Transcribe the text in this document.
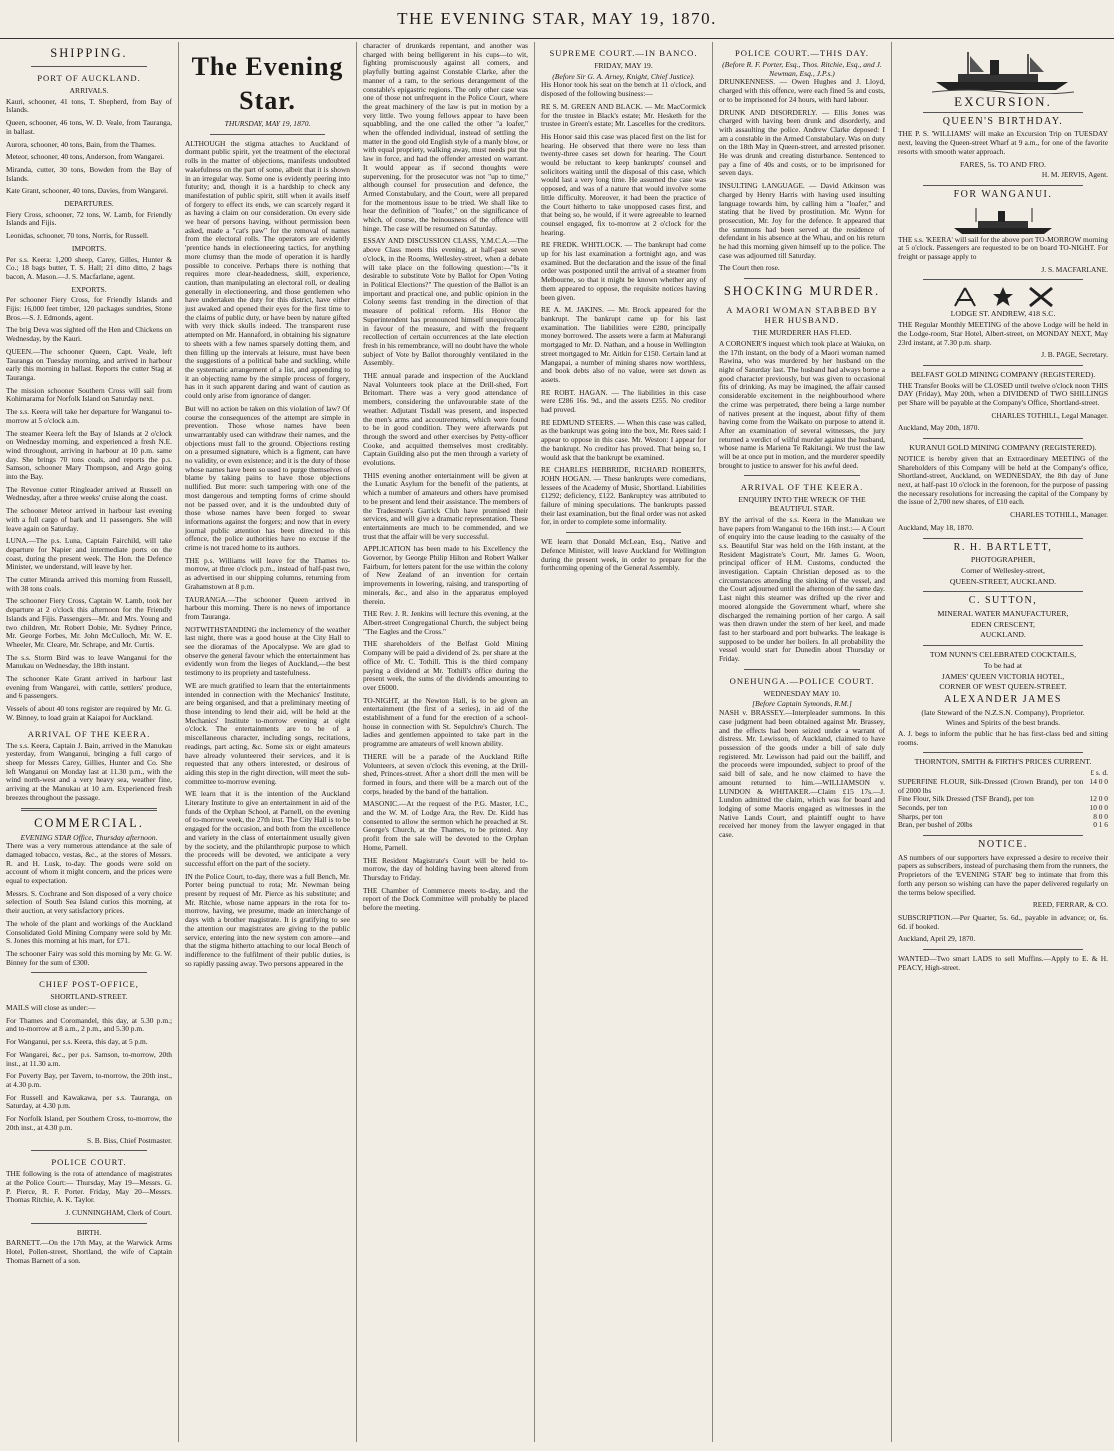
THE EVENING STAR, MAY 19, 1870.
SHIPPING.
PORT OF AUCKLAND.
ARRIVALS.

Kauri, schooner, 41 tons, T. Shepherd, from Bay of Islands.

Queen, schooner, 46 tons, W. D. Veale, from Tauranga, in ballast.

Aurora, schooner, 40 tons, Bain, from the Thames.

Meteor, schooner, 40 tons, Anderson, from Wangarei.

Miranda, cutter, 30 tons, Bowden from the Bay of Islands.

Kate Grant, schooner, 40 tons, Davies, from Wangarei.

DEPARTURES.

Fiery Cross, schooner, 72 tons, W. Lamb, for Friendly Islands and Fijis.

Leonidas, schooner, 70 tons, Norris, for Russell.

IMPORTS.

Per s.s. Keera: 1,200 sheep, Carey, Gilles, Hunter & Co.; 18 bags butter, T. S. Hall; 21 ditto ditto, 2 bags bacon, A. Mason.—J. S. Macfarlane, agent.

EXPORTS.

Per schooner Fiery Cross, for Friendly Islands and Fijis: 16,000 feet timber, 120 packages sundries, Stone Bros.—S. J. Edmonds, agent.

The brig Deva was sighted off the Hen and Chickens on Wednesday, by the Kauri.

QUEEN.—The schooner Queen, Capt. Veale, left Tauranga on Tuesday morning, and arrived in harbour early this morning in ballast. Reports the cutter Stag at Tauranga.

The mission schooner Southern Cross will sail from Kohimarama for Norfolk Island on Saturday next.

The s.s. Keera will take her departure for Wanganui to-morrow at 5 o'clock a.m.

The steamer Keera left the Bay of Islands at 2 o'clock on Wednesday morning, and experienced a fresh N.E. wind throughout, arriving in harbour at 10 p.m. same day. She brings 70 tons coals, and reports the p.s. Samson, schooner Mary Thompson, and Argo going into the Bay.

The Revenue cutter Ringleader arrived at Russell on Wednesday, after a three weeks' cruise along the coast.

The schooner Meteor arrived in harbour last evening with a full cargo of bark and 11 passengers. She will leave again on Saturday.

LUNA.—The p.s. Luna, Captain Fairchild, will take departure for Napier and intermediate ports on the coast, during the present week. The Hon. the Defence Minister, we understand, will leave by her.

The cutter Miranda arrived this morning from Russell, with 38 tons coals.

The schooner Fiery Cross, Captain W. Lamb, took her departure at 2 o'clock this afternoon for the Friendly Islands and Fijis. Passengers—Mr. and Mrs. Young and two children, Mr. Robert Dobie, Mr. Sydney Prince, Mr. George Forbes, Mr. John McCulloch, Mr. W. E. Wheeler, Mr. Cleare, Mr. Schrape, and Mr. Curtis.

The s.s. Storm Bird was to leave Wanganui for the Manukau on Wednesday, the 18th instant.

The schooner Kate Grant arrived in harbour last evening from Wangarei, with cattle, settlers' produce, and 6 passengers.

Vessels of about 40 tons register are required by Mr. G. W. Binney, to load grain at Kaiapoi for Auckland.

ARRIVAL OF THE KEERA.

The s.s. Keera, Captain J. Bain, arrived in the Manukau yesterday, from Wanganui, bringing a full cargo of sheep for Messrs Carey, Gillies, Hunter and Co. She left Wanganui on Monday last at 11.30 p.m., with the wind north-west and a very heavy sea, weather fine, arriving at the Manukau at 10 a.m. Experienced fresh breezes throughout the passage.

COMMERCIAL.
EVENING STAR Office, Thursday afternoon.

There was a very numerous attendance at the sale of damaged tobacco, vestas, &c., at the stores of Messrs. R. and H. Lusk, to-day. The goods were sold on account of whom it might concern, and the prices were equal to expectation.

Messrs. S. Cochrane and Son disposed of a very choice selection of South Sea Island curios this morning, at their auction, at very satisfactory prices.

The whole of the plant and workings of the Auckland Consolidated Gold Mining Company were sold by Mr. S. Jones this morning at his mart, for £71.

The schooner Fairy was sold this morning by Mr. G. W. Binney for the sum of £300.

CHIEF POST-OFFICE,
SHORTLAND-STREET.

MAILS will close as under:—

For Thames and Coromandel, this day, at 5.30 p.m.; and to-morrow at 8 a.m., 2 p.m., and 5.30 p.m.

For Wanganui, per s.s. Keera, this day, at 5 p.m.

For Wangarei, &c., per p.s. Samson, to-morrow, 20th inst., at 11.30 a.m.

For Poverty Bay, per Tavern, to-morrow, the 20th inst., at 4.30 p.m.

For Russell and Kawakawa, per s.s. Tauranga, on Saturday, at 4.30 p.m.

For Norfolk Island, per Southern Cross, to-morrow, the 20th inst., at 4.30 p.m.

S. B. Biss, Chief Postmaster.

POLICE COURT.

THE following is the rota of attendance of magistrates at the Police Court:— Thursday, May 19—Messrs. G. P. Pierce, R. F. Porter. Friday, May 20—Messrs. Thomas Ritchie, A. K. Taylor.

J. CUNNINGHAM, Clerk of Court.

BIRTH.

BARNETT.—On the 17th May, at the Warwick Arms Hotel, Pollen-street, Shortland, the wife of Captain Thomas Barnett of a son.

The Evening Star.
THURSDAY, MAY 19, 1870.

ALTHOUGH the stigma attaches to Auckland of dormant public spirit, yet the treatment of the electoral rolls in the matter of objections, manifests undoubted wakefulness on the part of some, albeit that it is shown in an irregular way. Some one is evidently peering into futurity; and, though it is a hardship to check any manifestation of public spirit, still when it avails itself of forgery to effect its ends, we can scarcely regard it as having a claim on our consideration. On every side we hear of persons having, without permission been asked, made a "cat's paw" for the removal of names from the electoral rolls. The operators are evidently 'prentice hands in electioneering tactics, for anything more clumsy than the mode of operation it is hardly possible to conceive. Perhaps there is nothing that requires more clear-headedness, skill, experience, caution, than manipulating an electoral roll, or dealing generally in electioneering, and those gentlemen who have undertaken the duty for this district, have either just awaked and opened their eyes for the first time to the claims of public duty, or have been by nature gifted with very thick skulls indeed. The transparent ruse attempted on Mr. Hannaford, in obtaining his signature to sheets with a few names sparsely dotting them, and then filling up the intervals at leisure, must have been the suggestions of a political babe and suckling, while the systematic arrangement of a list, and appending to it an objecting name by the simple process of forgery, has in it such apparent daring and want of caution as could only arise from ignorance of danger.

But will no action be taken on this violation of law? Of course the consequences of the attempt are simple in prevention. Those whose names have been unwarrantably used can withdraw their names, and the objections must fall to the ground. Objections resting on a presumed signature, which is a figment, can have no validity, or even existence; and it is the duty of those whose names have been so used to purge themselves of blame by taking pains to have those objections nullified. But more: such tampering with one of the most dangerous and tempting forms of crime should not be passed over, and it is the undoubted duty of those whose names have been forged to swear informations against the forgers; and now that in every journal public attention has been directed to this offence, the police authorities have no excuse if the crime is not traced home to its authors.

THE p.s. Williams will leave for the Thames to-morrow, at three o'clock p.m., instead of half-past two, as advertised in our shipping columns, returning from Grahamstown at 8 p.m.

TAURANGA.—The schooner Queen arrived in harbour this morning. There is no news of importance from Tauranga.

NOTWITHSTANDING the inclemency of the weather last night, there was a good house at the City Hall to see the dioramas of the Apocalypse. We are glad to observe the general favour which the entertainment has evidently won from the lieges of Auckland,—the best testimony to its propriety and tastefulness.

WE are much gratified to learn that the entertainments intended in connection with the Mechanics' Institute, are being organised, and that a preliminary meeting of those intending to lend their aid, will be held at the Mechanics' Institute to-morrow evening at eight o'clock. The entertainments are to be of a miscellaneous character, including songs, recitations, readings, part acting, &c. Some six or eight amateurs have already volunteered their services, and it is requested that any others interested, or desirous of aiding this step in the right direction, will meet the sub-committee to-morrow evening.

WE learn that it is the intention of the Auckland Literary Institute to give an entertainment in aid of the funds of the Orphan School, at Parnell, on the evening of to-morrow week, the 27th inst. The City Hall is to be engaged for the occasion, and both from the excellence and variety in the class of entertainment usually given by the society, and the philanthropic purpose to which the proceeds will be devoted, we anticipate a very successful effort on the part of the society.

IN the Police Court, to-day, there was a full Bench, Mr. Porter being punctual to rota; Mr. Newman being present by request of Mr. Pierce as his substitute; and Mr. Ritchie, whose name appears in the rota for to-morrow, having, we presume, made an interchange of days with a brother magistrate. It is gratifying to see the attention our magistrates are giving to the public service, entering into the new system con amore—and that the stigma hitherto attaching to our local Bench of indifference to the fulfilment of their public duties, is so rapidly passing away. Two persons appeared in the

character of drunkards repentant, and another was charged with being belligerent in his cups—to wit, fighting promiscuously against all comers, and playfully butting against Constable Clarke, after the manner of a ram, to the serious derangement of the constable's epigastric regions. The only other case was one of those not unfrequent in the Police Court, where the great machinery of the law is put in motion by a very little. Two young fellows appear to have been squabbling, and the one called the other "a loafer," when the offended individual, instead of settling the matter in the good old English style of a manly blow, or with equal propriety, walking away, must needs put the law in force, and had the offender arrested on warrant. It would appear as if second thoughts were supervening, for the prosecutor was not "up to time," although counsel for prosecution and defence, the Armed Constabulary, and the Court, were all prepared for the momentous issue to be tried. We shall like to hear the definition of "loafer," on the significance of which, of course, the heinousness of the offence will hinge. The case will be resumed on Saturday.

ESSAY AND DISCUSSION CLASS, Y.M.C.A.—The above Class meets this evening, at half-past seven o'clock, in the Rooms, Wellesley-street, when a debate will take place on the following question:—"Is it desirable to substitute Vote by Ballot for Open Voting in Political Elections?" The question of the Ballot is an important and practical one, and public opinion in the Colony seems fast trending in the direction of that measure of political reform. His Honor the Superintendent has pronounced himself unequivocally in favour of the measure, and with the frequent recollection of certain occurrences at the late election fresh in his remembrance, will no doubt have the whole subject of Vote by Ballot thoroughly ventilated in the Assembly.

THE annual parade and inspection of the Auckland Naval Volunteers took place at the Drill-shed, Fort Britomart. There was a very good attendance of members, considering the unfavourable state of the weather. Adjutant Tisdall was present, and inspected the men's arms and accoutrements, which were found to be in good condition. They were afterwards put through the sword and other exercises by Petty-officer Cooke, and acquitted themselves most creditably. Captain Guilding also put the men through a variety of evolutions.

THIS evening another entertainment will be given at the Lunatic Asylum for the benefit of the patients, at which a number of amateurs and others have promised to be present and lend their assistance. The members of the Tradesmen's Garrick Club have promised their services, and will give a dramatic representation. These entertainments are much to be commended, and we trust that the affair will be very successful.

APPLICATION has been made to his Excellency the Governor, by George Philip Hilton and Robert Walker Fairburn, for letters patent for the use within the colony of New Zealand of an invention for certain improvements in lowering, raising, and transporting of minerals, &c., and also in the apparatus employed therein.

THE Rev. J. R. Jenkins will lecture this evening, at the Albert-street Congregational Church, the subject being "The Eagles and the Cross."

THE shareholders of the Belfast Gold Mining Company will be paid a dividend of 2s. per share at the office of Mr. C. Tothill. This is the third company paying a dividend at Mr. Tothill's office during the present week, the sums of the dividends amounting to over £6000.

TO-NIGHT, at the Newton Hall, is to be given an entertainment (the first of a series), in aid of the establishment of a fund for the erection of a school-house in connection with St. Sepulchre's Church. The ladies and gentlemen appointed to take part in the programme are amateurs of well known ability.

THERE will be a parade of the Auckland Rifle Volunteers, at seven o'clock this evening, at the Drill-shed, Princes-street. After a short drill the men will be formed in fours, and there will be a march out of the corps, headed by the band of the battalion.

MASONIC.—At the request of the P.G. Master, I.C., and the W. M. of Lodge Ara, the Rev. Dr. Kidd has consented to allow the sermon which he preached at St. George's Church, at the Thames, to be printed. Any profit from the sale will be devoted to the Orphan Home, Parnell.

THE Resident Magistrate's Court will be held to-morrow, the day of holding having been altered from Thursday to Friday.

THE Chamber of Commerce meets to-day, and the report of the Dock Committee will probably be placed before the meeting.

SUPREME COURT.—IN BANCO.
FRIDAY, MAY 19.
(Before Sir G. A. Arney, Knight, Chief Justice).

His Honor took his seat on the bench at 11 o'clock, and disposed of the following business:—

RE S. M. GREEN AND BLACK. — Mr. MacCormick for the trustee in Black's estate; Mr. Hesketh for the trustee in Green's estate; Mr. Lascelles for the creditors.

His Honor said this case was placed first on the list for hearing. He observed that there were no less than twenty-three cases set down for hearing. The Court would be reluctant to keep bankrupts' counsel and solicitors waiting until the disposal of this case, which would last a very long time. He assumed the case was opposed, and was of a nature that would involve some little difficulty. Moreover, it had been the practice of the Court hitherto to take unopposed cases first, and that being so, he would, if it were agreeable to learned counsel engaged, fix to-morrow at 2 o'clock for the hearing.

RE FREDK. WHITLOCK. — The bankrupt had come up for his last examination a fortnight ago, and was examined. But the declaration and the issue of the final order was postponed until the arrival of a steamer from Melbourne, so that it might be known whether any of them appeared to oppose, the requisite notices having been given.

RE A. M. JAKINS. — Mr. Brock appeared for the bankrupt. The bankrupt came up for his last examination. The liabilities were £280, principally money borrowed. The assets were a farm at Mahurangi mortgaged to Mr. D. Nathan, and a house in Wellington street mortgaged to Mr. Aitkin for £150. Certain land at Mangapai, a number of mining shares now worthless, and book debts also of no value, were set down as assets.

RE ROBT. HAGAN. — The liabilities in this case were £286 16s. 9d., and the assets £255. No creditor had proved.

RE EDMUND STEERS. — When this case was called, as the bankrupt was going into the box, Mr. Rees said: I appear to oppose in this case. Mr. Weston: I appear for the bankrupt. No creditor has proved. That being so, I would ask that the bankrupt be examined.

RE CHARLES HEBBRIDE, RICHARD ROBERTS, JOHN HOGAN. — These bankrupts were comedians, lessees of the Academy of Music, Shortland. Liabilities £1292; deficiency, £122. Bankruptcy was attributed to failure of mining speculations. The bankrupts passed their last examination, but the final order was not asked for, in order to complete some informality.

WE learn that Donald McLean, Esq., Native and Defence Minister, will leave Auckland for Wellington during the present week, in order to prepare for the forthcoming opening of the General Assembly.

POLICE COURT.—THIS DAY.
(Before R. F. Porter, Esq., Thos. Ritchie, Esq., and J. Newman, Esq., J.P.s.)

DRUNKENNESS. — Owen Hughes and J. Lloyd, charged with this offence, were each fined 5s and costs, or to be imprisoned for 24 hours, with hard labour.

DRUNK AND DISORDERLY. — Ellis Jones was charged with having been drunk and disorderly, and with assaulting the police. Andrew Clarke deposed: I am a constable in the Armed Constabulary. Was on duty on the 18th May in Queen-street, and arrested prisoner. He was drunk and creating disturbance. Sentenced to pay a fine of 40s and costs, or to be imprisoned for seven days.

INSULTING LANGUAGE. — David Atkinson was charged by Henry Harris with having used insulting language towards him, by calling him a "loafer," and stating that he lived by prostitution. Mr. Wynn for prosecution, Mr. Joy for the defence. It appeared that the summons had been served at the residence of defendant in his absence at the Whau, and on his return he had this morning given himself up to the police. The case was adjourned till Saturday.

The Court then rose.

SHOCKING MURDER.
A MAORI WOMAN STABBED BY HER HUSBAND.
THE MURDERER HAS FLED.

A CORONER'S inquest which took place at Waiuku, on the 17th instant, on the body of a Maori woman named Rawina, who was murdered by her husband on the night of Saturday last. The husband had always borne a good character previously, but was given to occasional fits of drinking. As may be imagined, the affair caused considerable excitement in the neighbourhood where the crime was perpetrated, there being a large number of natives present at the inquest, about fifty of them having come from the Waikato on purpose to attend it. After an examination of several witnesses, the jury returned a verdict of wilful murder against the husband, whose name is Mariena Te Rakitangi. We trust the law will be at once put in motion, and the murderer speedily brought to justice to answer for his awful deed.

ARRIVAL OF THE KEERA.
ENQUIRY INTO THE WRECK OF THE BEAUTIFUL STAR.

BY the arrival of the s.s. Keera in the Manukau we have papers from Wanganui to the 16th inst.:— A Court of enquiry into the cause leading to the casualty of the s.s. Beautiful Star was held on the 16th instant, at the Resident Magistrate's Court, Mr. James G. Woon, principal officer of H.M. Customs, conducted the investigation. Captain Christian deposed as to the circumstances attending the sinking of the vessel, and the Court adjourned until the afternoon of the same day. Last night this steamer was drifted up the river and moored alongside the Government wharf, where she discharged the remaining portion of her cargo. A sail was then drawn under the stern of her keel, and made fast to her starboard and port bulwarks. The leakage is supposed to be under her boilers. In all probability the vessel would start for Dunedin about Thursday or Friday.

ONEHUNGA.—POLICE COURT.
WEDNESDAY MAY 10.
[Before Captain Symonds, R.M.]

NASH v. BRASSEY.—Interpleader summons. In this case judgment had been obtained against Mr. Brassey, and the effects had been seized under a warrant of distress. Mr. Lewisson, of Auckland, claimed to have possession of the goods under a bill of sale duly registered. Mr. Lewisson had paid out the bailiff, and the proceeds were impounded, subject to proof of the said bill of sale, and he now claimed to have the amount returned to him.—WILLIAMSON v. LUNDON & WHITAKER.—Claim £15 17s.—J. Lundon admitted the claim, which was for board and lodging of some Maoris engaged as witnesses in the Native Lands Court, and plaintiff ought to have received her money from the lawyer engaged in that case.

EXCURSION.
QUEEN'S BIRTHDAY.

THE P. S. 'WILLIAMS' will make an Excursion Trip on TUESDAY next, leaving the Queen-street Wharf at 9 a.m., for one of the favorite resorts with smooth water approach.

FARES, 5s. TO AND FRO.

H. M. JERVIS, Agent.

FOR WANGANUI.

THE s.s. 'KEERA' will sail for the above port TO-MORROW morning at 5 o'clock. Passengers are requested to be on board TO-NIGHT. For freight or passage apply to

J. S. MACFARLANE.

LODGE ST. ANDREW, 418 S.C.

THE Regular Monthly MEETING of the above Lodge will be held in the Lodge-room, Star Hotel, Albert-street, on MONDAY NEXT, May 23rd instant, at 7.30 p.m. sharp.

J. B. PAGE, Secretary.

BELFAST GOLD MINING COMPANY (REGISTERED).

THE Transfer Books will be CLOSED until twelve o'clock noon THIS DAY (Friday), May 20th, when a DIVIDEND of TWO SHILLINGS per Share will be payable at the Company's Office, Shortland-street.

CHARLES TOTHILL, Legal Manager.

Auckland, May 20th, 1870.

KURANUI GOLD MINING COMPANY (REGISTERED).

NOTICE is hereby given that an Extraordinary MEETING of the Shareholders of this Company will be held at the Company's office, Shortland-street, Auckland, on WEDNESDAY, the 8th day of June next, at half-past 10 o'clock in the forenoon, for the purpose of passing the necessary resolutions for increasing the capital of the Company by the issue of 2,700 new shares, of £10 each.

CHARLES TOTHILL, Manager.

Auckland, May 18, 1870.

R. H. BARTLETT,
PHOTOGRAPHER,
Corner of Wellesley-street,
QUEEN-STREET, AUCKLAND.
C. SUTTON,
MINERAL WATER MANUFACTURER,
EDEN CRESCENT,
AUCKLAND.
TOM NUNN'S CELEBRATED COCKTAILS,
To be had at
JAMES' QUEEN VICTORIA HOTEL,
CORNER OF WEST QUEEN-STREET.
ALEXANDER JAMES
(late Steward of the N.Z.S.N. Company), Proprietor.
Wines and Spirits of the best brands.

A. J. begs to inform the public that he has first-class bed and sitting rooms.

THORNTON, SMITH & FIRTH'S PRICES CURRENT.
£ s. d.
SUPERFINE FLOUR, Silk-Dressed (Crown Brand), per ton of 2000 lbs
14 0 0
Fine Flour, Silk Dressed (TSF Brand), per ton	12 0 0
Seconds, per ton	10 0 0
Sharps, per ton	8 0 0
Bran, per bushel of 20lbs	0 1 6
NOTICE.

AS numbers of our supporters have expressed a desire to receive their papers as subscribers, instead of purchasing them from the runners, the Proprietors of the 'EVENING STAR' beg to intimate that from this forth any person so wishing can have the paper delivered regularly on the terms below specified.

REED, FERRAR, & CO.

SUBSCRIPTION.—Per Quarter, 5s. 6d., payable in advance; or, 6s. 6d. if booked.

Auckland, April 29, 1870.

WANTED—Two smart LADS to sell Muffins.—Apply to E. & H. PEACY, High-street.
